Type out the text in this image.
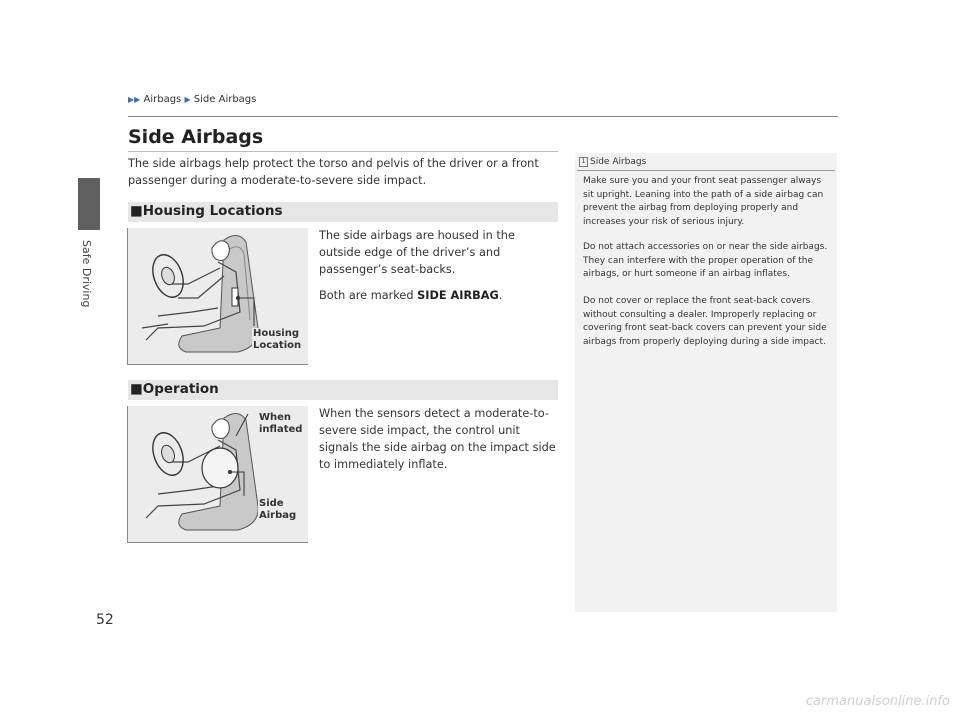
Safe Driving
▶▶ Airbags ▶ Side Airbags
Side Airbags

The side airbags help protect the torso and pelvis of the driver or a front passenger during a moderate-to-severe side impact.

■Housing Locations
Housing
Location

The side airbags are housed in the outside edge of the driver’s and passenger’s seat-backs.

Both are marked SIDE AIRBAG.

■Operation
When
inflated
Side
Airbag

When the sensors detect a moderate-to-severe side impact, the control unit signals the side airbag on the impact side to immediately inflate.

1 Side Airbags

Make sure you and your front seat passenger always sit upright. Leaning into the path of a side airbag can prevent the airbag from deploying properly and increases your risk of serious injury.

Do not attach accessories on or near the side airbags. They can interfere with the proper operation of the airbags, or hurt someone if an airbag inflates.

Do not cover or replace the front seat-back covers without consulting a dealer. Improperly replacing or covering front seat-back covers can prevent your side airbags from properly deploying during a side impact.

52
carmanualsonline.info
